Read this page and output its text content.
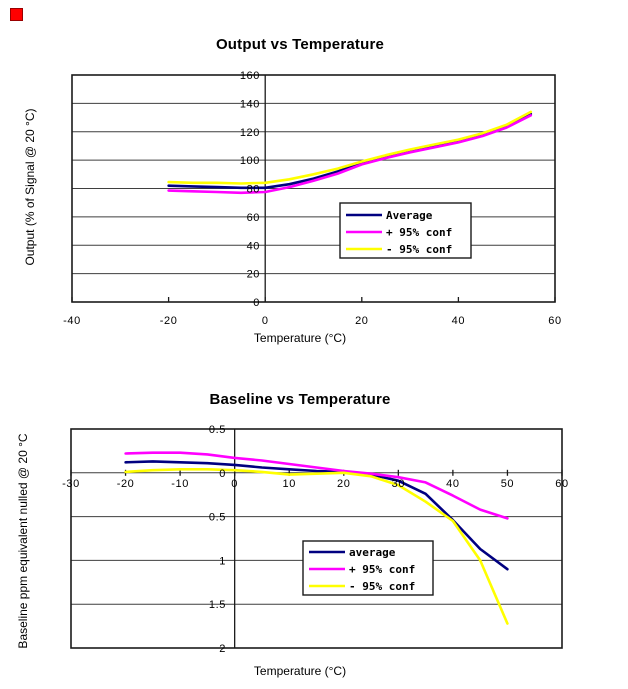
Average
+ 95% conf
- 95% conf
0
20
40
60
80
100
120
140
160
-40	-20	0	20	40	60
Output vs Temperature
Output (% of Signal @ 20 °C)
Temperature (°C)
average
+ 95% conf
- 95% conf
0.5
0
0.5
1
1.5
2
-30	-20	-10	0	10	20	30	40	50	60
Baseline vs Temperature
Baseline ppm equivalent nulled @ 20 °C
Temperature (°C)
